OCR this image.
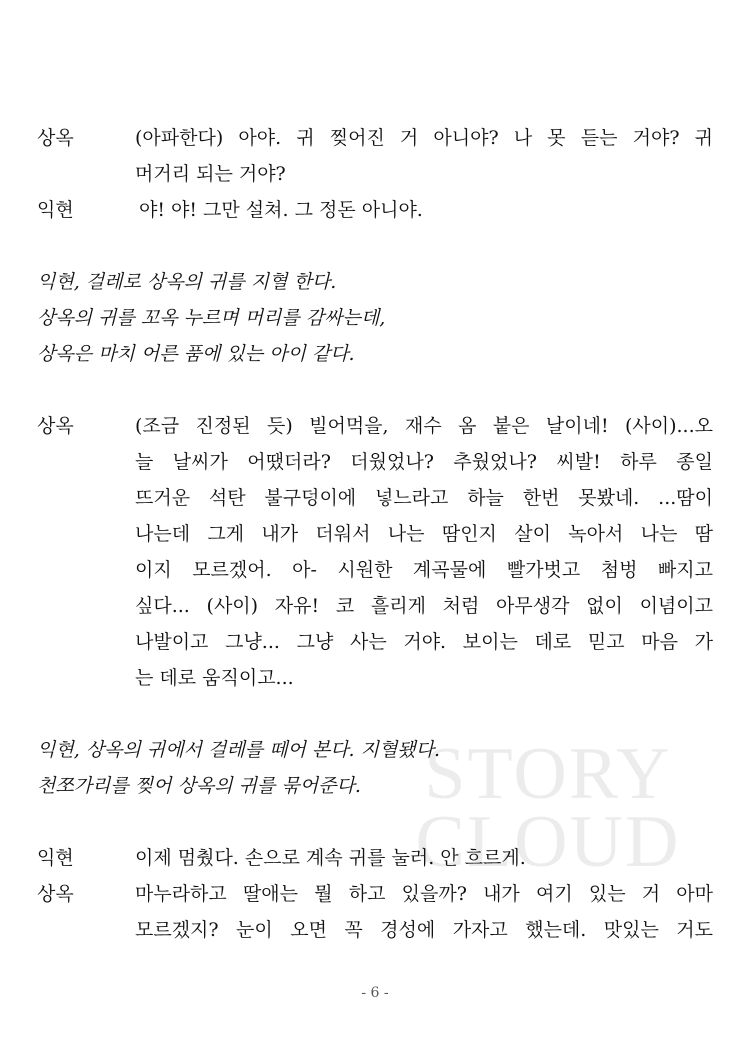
STORY
CLOUD
상옥	(아파한다) 아야. 귀 찢어진 거 아니야? 나 못 듣는 거야? 귀
머거리 되는 거야?
익현	야! 야! 그만 설쳐. 그 정돈 아니야.
익현, 걸레로 상옥의 귀를 지혈 한다.
상옥의 귀를 꼬옥 누르며 머리를 감싸는데,
상옥은 마치 어른 품에 있는 아이 같다.
상옥	(조금 진정된 듯) 빌어먹을, 재수 옴 붙은 날이네! (사이)...오
늘 날씨가 어땠더라? 더웠었나? 추웠었나? 씨발! 하루 종일
뜨거운 석탄 불구덩이에 넣느라고 하늘 한번 못봤네. ...땀이
나는데 그게 내가 더워서 나는 땀인지 살이 녹아서 나는 땀
이지 모르겠어. 아- 시원한 계곡물에 빨가벗고 첨벙 빠지고
싶다... (사이) 자유! 코 흘리게 처럼 아무생각 없이 이념이고
나발이고 그냥... 그냥 사는 거야. 보이는 데로 믿고 마음 가
는 데로 움직이고...
익현, 상옥의 귀에서 걸레를 떼어 본다. 지혈됐다.
천쪼가리를 찢어 상옥의 귀를 묶어준다.
익현	이제 멈췄다. 손으로 계속 귀를 눌러. 안 흐르게.
상옥	마누라하고 딸애는 뭘 하고 있을까? 내가 여기 있는 거 아마
모르겠지? 눈이 오면 꼭 경성에 가자고 했는데. 맛있는 거도
- 6 -
